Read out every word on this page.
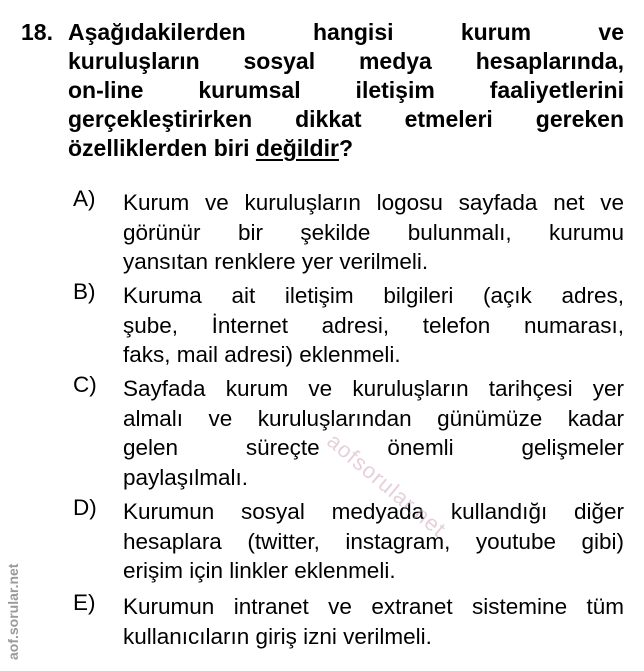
18. Aşağıdakilerden hangisi kurum ve
kuruluşların sosyal medya hesaplarında,
on-line kurumsal iletişim faaliyetlerini
gerçekleştirirken dikkat etmeleri gereken
özelliklerden biri değildir?
A) Kurum ve kuruluşların logosu sayfada net ve
görünür bir şekilde bulunmalı, kurumu
yansıtan renklere yer verilmeli.
B) Kuruma ait iletişim bilgileri (açık adres,
şube, İnternet adresi, telefon numarası,
faks, mail adresi) eklenmeli.
C) Sayfada kurum ve kuruluşların tarihçesi yer
almalı ve kuruluşlarından günümüze kadar
gelen süreçte önemli gelişmeler
paylaşılmalı.
D) Kurumun sosyal medyada kullandığı diğer
hesaplara (twitter, instagram, youtube gibi)
erişim için linkler eklenmeli.
E) Kurumun intranet ve extranet sistemine tüm
kullanıcıların giriş izni verilmeli.
aofsorular.net
aof.sorular.net
